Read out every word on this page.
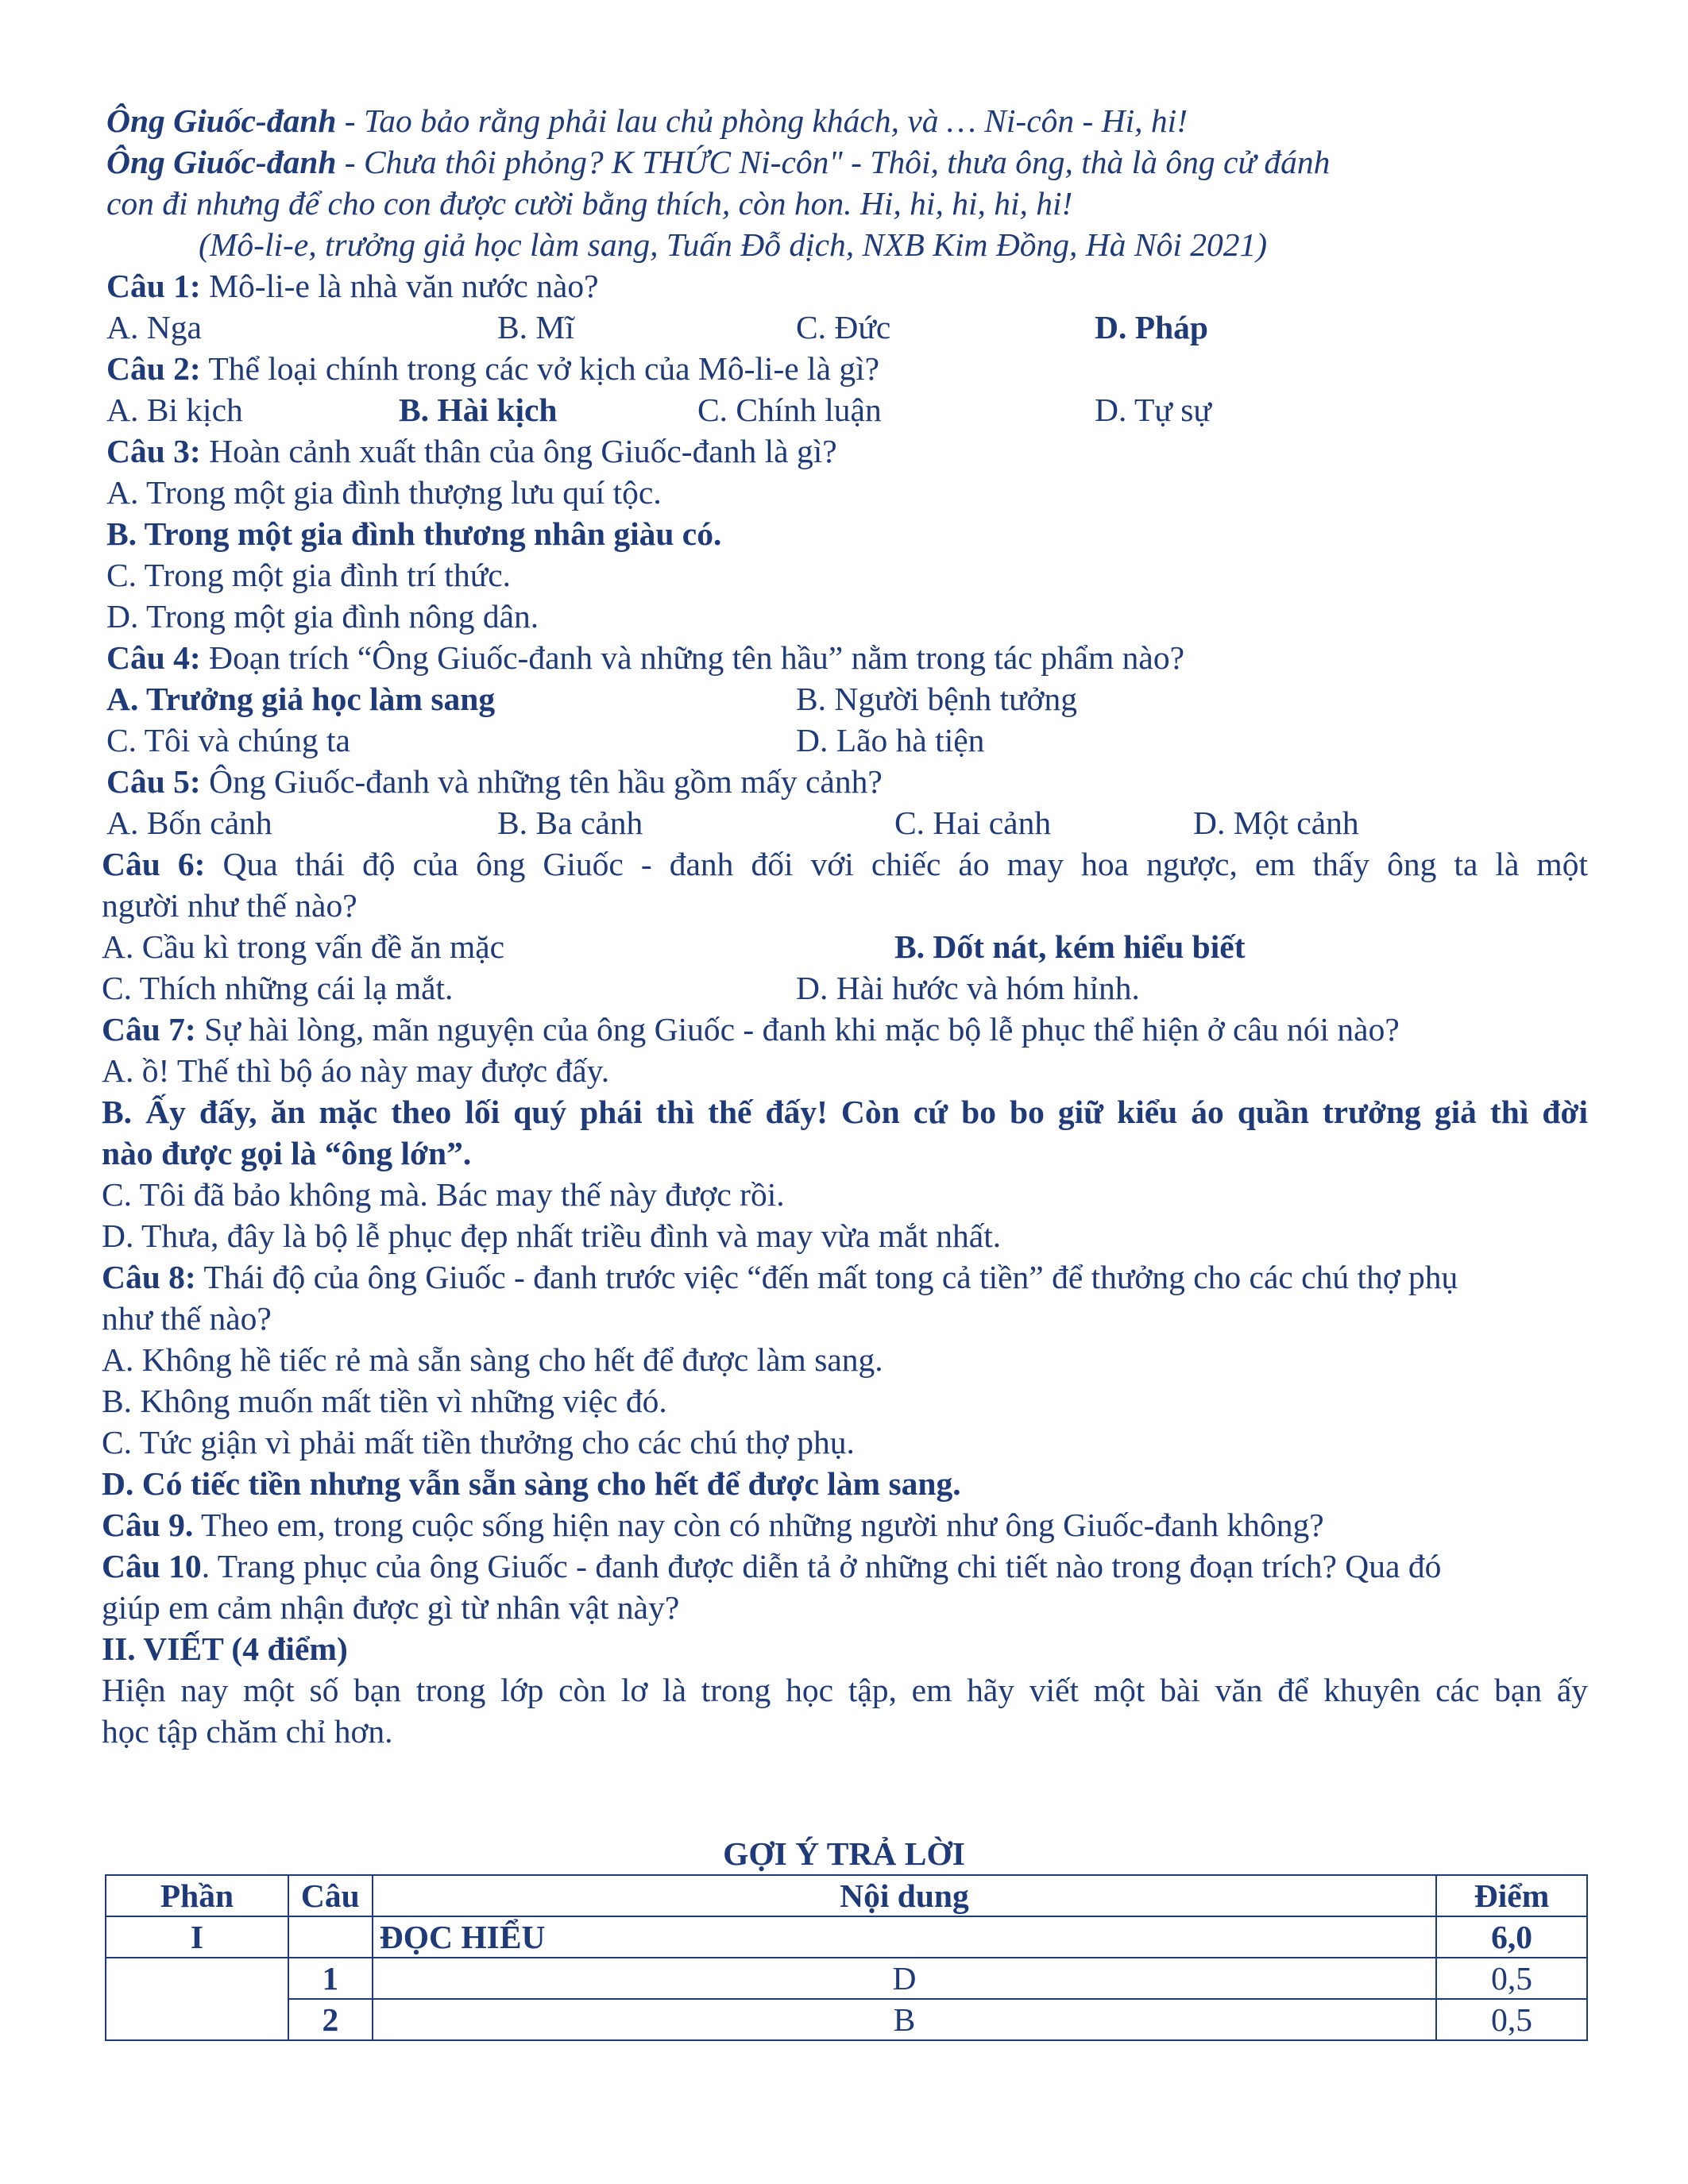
Ông Giuốc-đanh - Tao bảo rằng phải lau chủ phòng khách, và … Ni-côn - Hi, hi!
Ông Giuốc-đanh - Chưa thôi phỏng? K THỨC Ni-côn" - Thôi, thưa ông, thà là ông cử đánh
con đi nhưng để cho con được cười bằng thích, còn hon. Hi, hi, hi, hi, hi!
(Mô-li-e, trưởng giả học làm sang, Tuấn Đỗ dịch, NXB Kim Đồng, Hà Nôi 2021)
Câu 1: Mô-li-e là nhà văn nước nào?
A. Nga	B. Mĩ	C. Đức	D. Pháp
Câu 2: Thể loại chính trong các vở kịch của Mô-li-e là gì?
A. Bi kịch	B. Hài kịch	C. Chính luận	D. Tự sự
Câu 3: Hoàn cảnh xuất thân của ông Giuốc-đanh là gì?
A. Trong một gia đình thượng lưu quí tộc.
B. Trong một gia đình thương nhân giàu có.
C. Trong một gia đình trí thức.
D. Trong một gia đình nông dân.
Câu 4: Đoạn trích “Ông Giuốc-đanh và những tên hầu” nằm trong tác phẩm nào?
A. Trưởng giả học làm sang	B. Người bệnh tưởng
C. Tôi và chúng ta	D. Lão hà tiện
Câu 5: Ông Giuốc-đanh và những tên hầu gồm mấy cảnh?
A. Bốn cảnh	B. Ba cảnh	C. Hai cảnh	D. Một cảnh
Câu 6: Qua thái độ của ông Giuốc - đanh đối với chiếc áo may hoa ngược, em thấy ông ta là một
người như thế nào?
A. Cầu kì trong vấn đề ăn mặc	B. Dốt nát, kém hiểu biết
C. Thích những cái lạ mắt.	D. Hài hước và hóm hỉnh.
Câu 7: Sự hài lòng, mãn nguyện của ông Giuốc - đanh khi mặc bộ lễ phục thể hiện ở câu nói nào?
A. ồ! Thế thì bộ áo này may được đấy.
B. Ấy đấy, ăn mặc theo lối quý phái thì thế đấy! Còn cứ bo bo giữ kiểu áo quần trưởng giả thì đời
nào được gọi là “ông lớn”.
C. Tôi đã bảo không mà. Bác may thế này được rồi.
D. Thưa, đây là bộ lễ phục đẹp nhất triều đình và may vừa mắt nhất.
Câu 8: Thái độ của ông Giuốc - đanh trước việc “đến mất tong cả tiền” để thưởng cho các chú thợ phụ
như thế nào?
A. Không hề tiếc rẻ mà sẵn sàng cho hết để được làm sang.
B. Không muốn mất tiền vì những việc đó.
C. Tức giận vì phải mất tiền thưởng cho các chú thợ phụ.
D. Có tiếc tiền nhưng vẫn sẵn sàng cho hết để được làm sang.
Câu 9. Theo em, trong cuộc sống hiện nay còn có những người như ông Giuốc-đanh không?
Câu 10. Trang phục của ông Giuốc - đanh được diễn tả ở những chi tiết nào trong đoạn trích? Qua đó
giúp em cảm nhận được gì từ nhân vật này?
II. VIẾT (4 điểm)
Hiện nay một số bạn trong lớp còn lơ là trong học tập, em hãy viết một bài văn để khuyên các bạn ấy
học tập chăm chỉ hơn.
GỢI Ý TRẢ LỜI
Phần	Câu	Nội dung	Điểm
I		ĐỌC HIỂU	6,0
	1	D	0,5
	2	B	0,5
